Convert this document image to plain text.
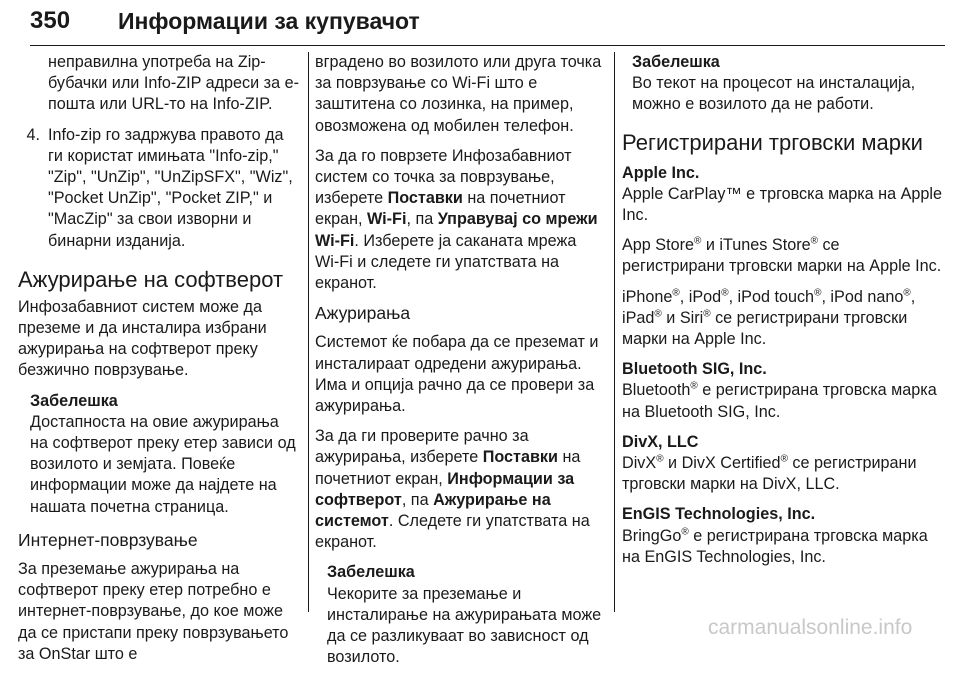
350 Информации за купувачот

неправилна употреба на Zip-бубачки или Info-ZIP адреси за е-пошта или URL-то на Info-ZIP.

4. Info-zip го задржува правото да ги користат имињата "Info-zip," "Zip", "UnZip", "UnZipSFX", "Wiz", "Pocket UnZip", "Pocket ZIP," и "MacZip" за свои изворни и бинарни изданија.
Ажурирање на софтверот

Инфозабавниот систем може да преземе и да инсталира избрани ажурирања на софтверот преку безжично поврзување.

Забелешка
Достапноста на овие ажурирања на софтверот преку етер зависи од возилото и земјата. Повеќе информации може да најдете на нашата почетна страница.
Интернет-поврзување

За преземање ажурирања на софтверот преку етер потребно е интернет-поврзување, до кое може да се пристапи преку поврзувањето за OnStar што е

вградено во возилото или друга точка за поврзување со Wi-Fi што е заштитена со лозинка, на пример, овозможена од мобилен телефон.

За да го поврзете Инфозабавниот систем со точка за поврзување, изберете Поставки на почетниот екран, Wi-Fi, па Управувај со мрежи Wi-Fi. Изберете ја саканата мрежа Wi-Fi и следете ги упатствата на екранот.

Ажурирања

Системот ќе побара да се преземат и инсталираат одредени ажурирања. Има и опција рачно да се провери за ажурирања.

За да ги проверите рачно за ажурирања, изберете Поставки на почетниот екран, Информации за софтверот, па Ажурирање на системот. Следете ги упатствата на екранот.

Забелешка
Чекорите за преземање и инсталирање на ажурирањата може да се разликуваат во зависност од возилото.
Забелешка
Во текот на процесот на инсталација, можно е возилото да не работи.
Регистрирани трговски марки
Apple Inc.
Apple CarPlay™ е трговска марка на Apple Inc.

App Store® и iTunes Store® се регистрирани трговски марки на Apple Inc.

iPhone®, iPod®, iPod touch®, iPod nano®, iPad® и Siri® се регистрирани трговски марки на Apple Inc.

Bluetooth SIG, Inc.
Bluetooth® е регистрирана трговска марка на Bluetooth SIG, Inc.
DivX, LLC
DivX® и DivX Certified® се регистрирани трговски марки на DivX, LLC.
EnGIS Technologies, Inc.
BringGo® е регистрирана трговска марка на EnGIS Technologies, Inc.
carmanualsonline.info
